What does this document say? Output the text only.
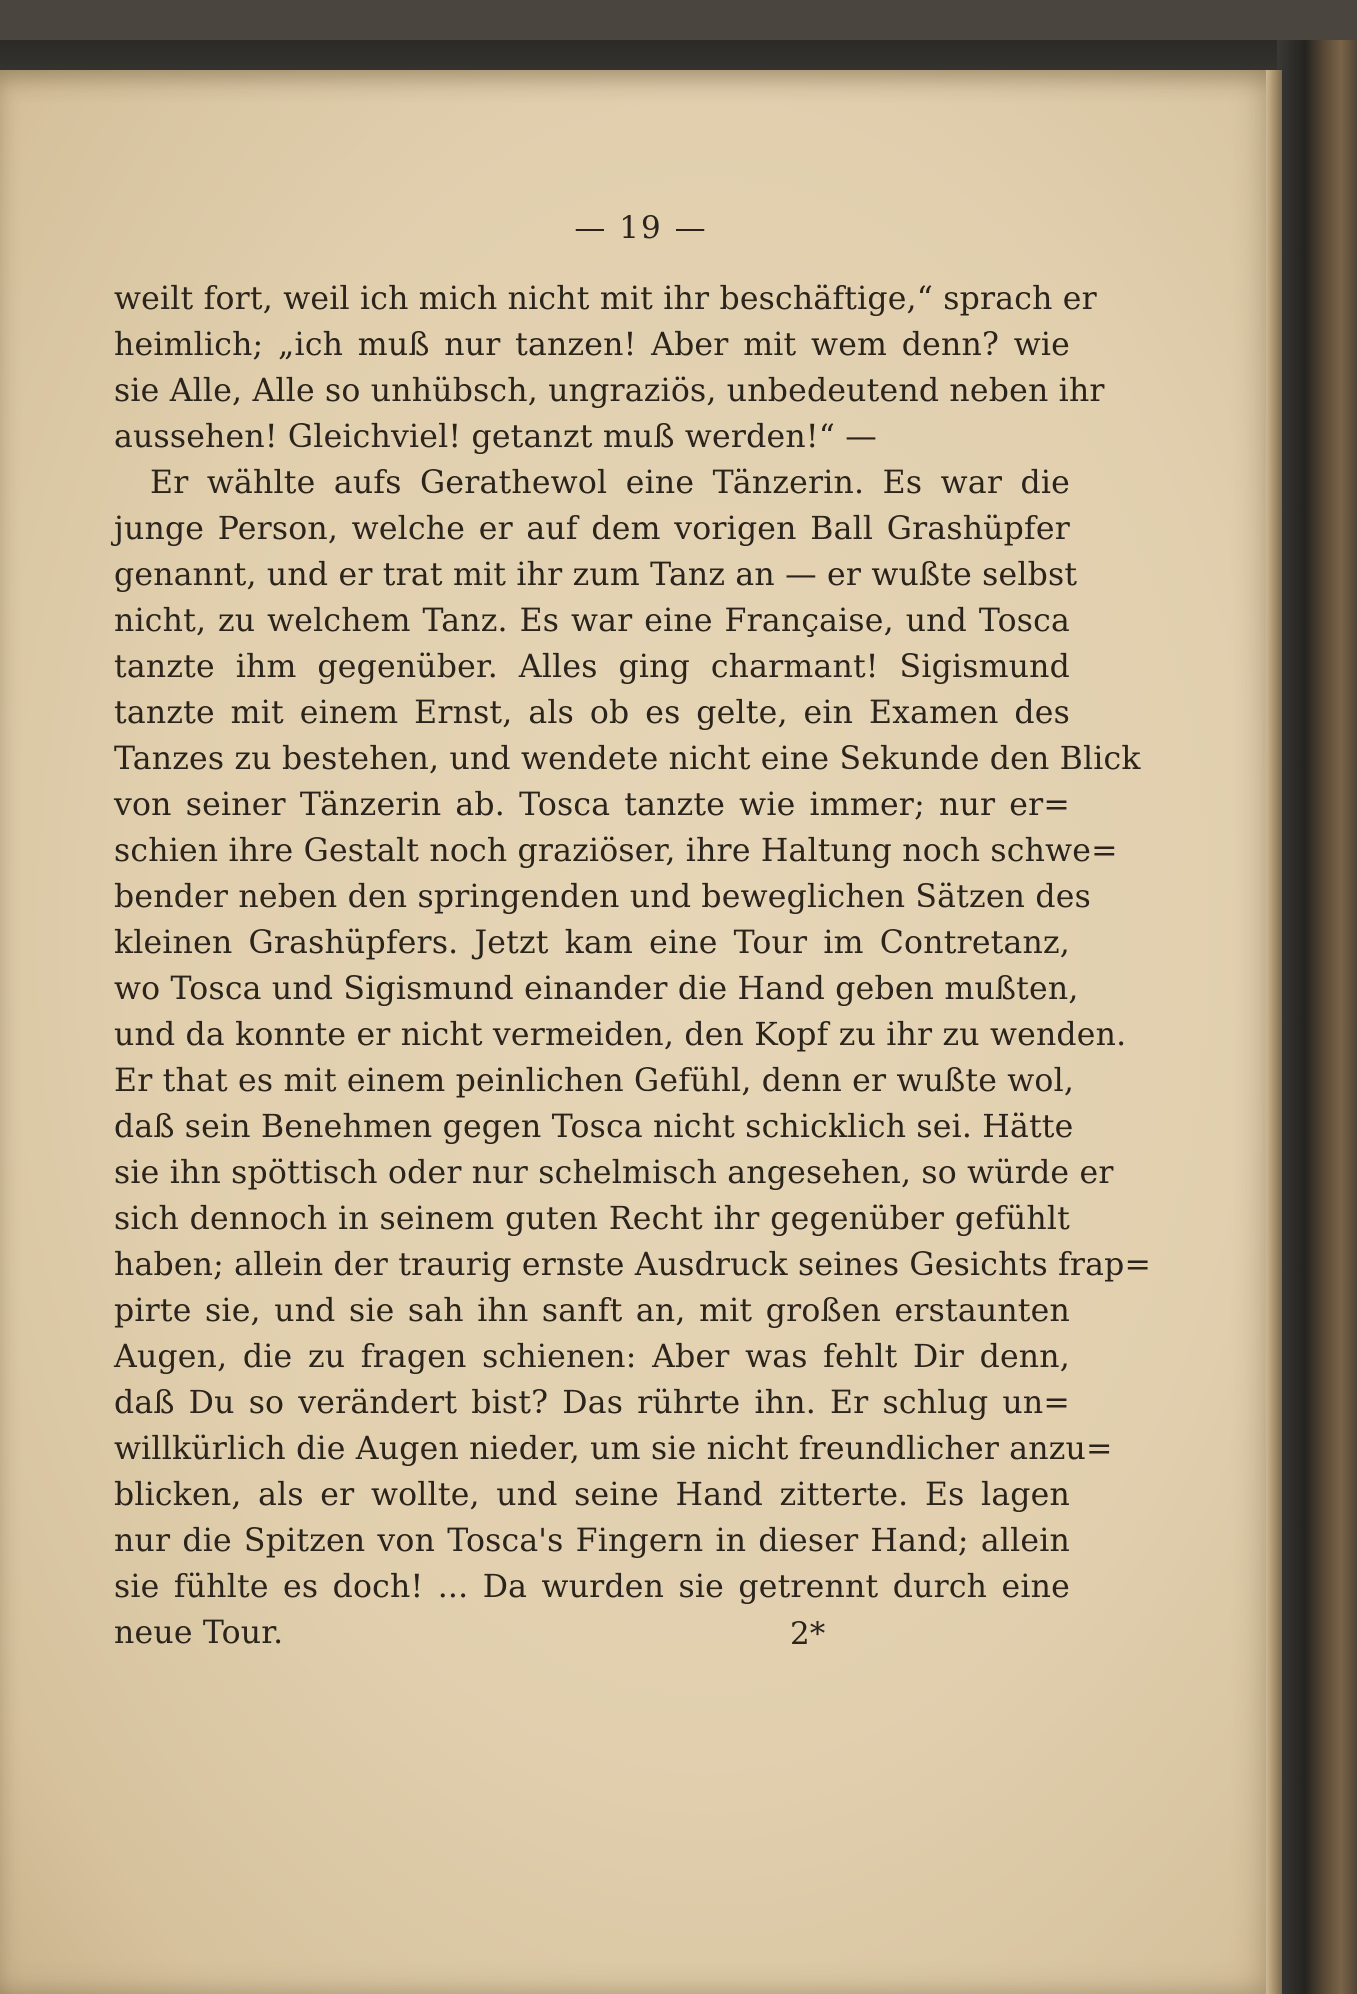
— 19 —
weilt fort, weil ich mich nicht mit ihr beschäftige,“ sprach er
heimlich; „ich muß nur tanzen! Aber mit wem denn? wie
sie Alle, Alle so unhübsch, ungraziös, unbedeutend neben ihr
aussehen! Gleichviel! getanzt muß werden!“ —
Er wählte aufs Gerathewol eine Tänzerin. Es war die
junge Person, welche er auf dem vorigen Ball Grashüpfer
genannt, und er trat mit ihr zum Tanz an — er wußte selbst
nicht, zu welchem Tanz. Es war eine Française, und Tosca
tanzte ihm gegenüber. Alles ging charmant! Sigismund
tanzte mit einem Ernst, als ob es gelte, ein Examen des
Tanzes zu bestehen, und wendete nicht eine Sekunde den Blick
von seiner Tänzerin ab. Tosca tanzte wie immer; nur er=
schien ihre Gestalt noch graziöser, ihre Haltung noch schwe=
bender neben den springenden und beweglichen Sätzen des
kleinen Grashüpfers. Jetzt kam eine Tour im Contretanz,
wo Tosca und Sigismund einander die Hand geben mußten,
und da konnte er nicht vermeiden, den Kopf zu ihr zu wenden.
Er that es mit einem peinlichen Gefühl, denn er wußte wol,
daß sein Benehmen gegen Tosca nicht schicklich sei. Hätte
sie ihn spöttisch oder nur schelmisch angesehen, so würde er
sich dennoch in seinem guten Recht ihr gegenüber gefühlt
haben; allein der traurig ernste Ausdruck seines Gesichts frap=
pirte sie, und sie sah ihn sanft an, mit großen erstaunten
Augen, die zu fragen schienen: Aber was fehlt Dir denn,
daß Du so verändert bist? Das rührte ihn. Er schlug un=
willkürlich die Augen nieder, um sie nicht freundlicher anzu=
blicken, als er wollte, und seine Hand zitterte. Es lagen
nur die Spitzen von Tosca's Fingern in dieser Hand; allein
sie fühlte es doch! ... Da wurden sie getrennt durch eine
neue Tour.	2*
